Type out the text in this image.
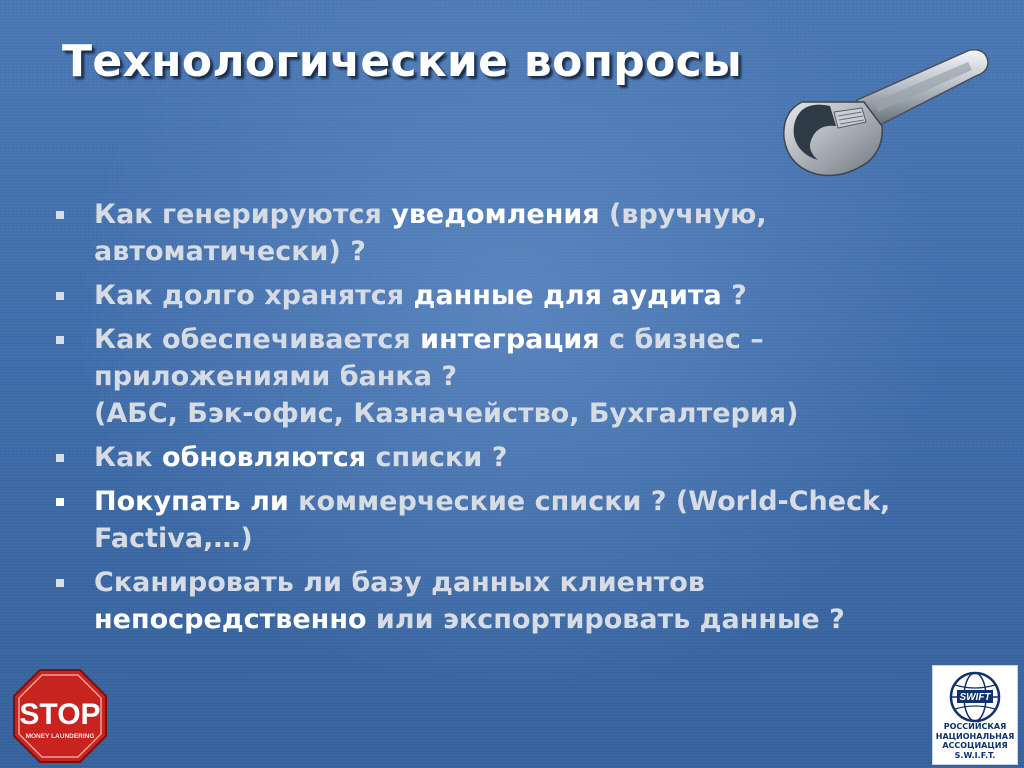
Технологические вопросы
Как генерируются уведомления (вручную,
автоматически) ?
Как долго хранятся данные для аудита ?
Как обеспечивается интеграция с бизнес –
приложениями банка ?
(АБС, Бэк-офис, Казначейство, Бухгалтерия)
Как обновляются списки ?
Покупать ли коммерческие списки ? (World-Check,
Factiva,…)
Сканировать ли базу данных клиентов
непосредственно или экспортировать данные ?
STOP
MONEY LAUNDERING
SWIFT
РОССИЙСКАЯ
НАЦИОНАЛЬНАЯ
АССОЦИАЦИЯ
S.W.I.F.T.
